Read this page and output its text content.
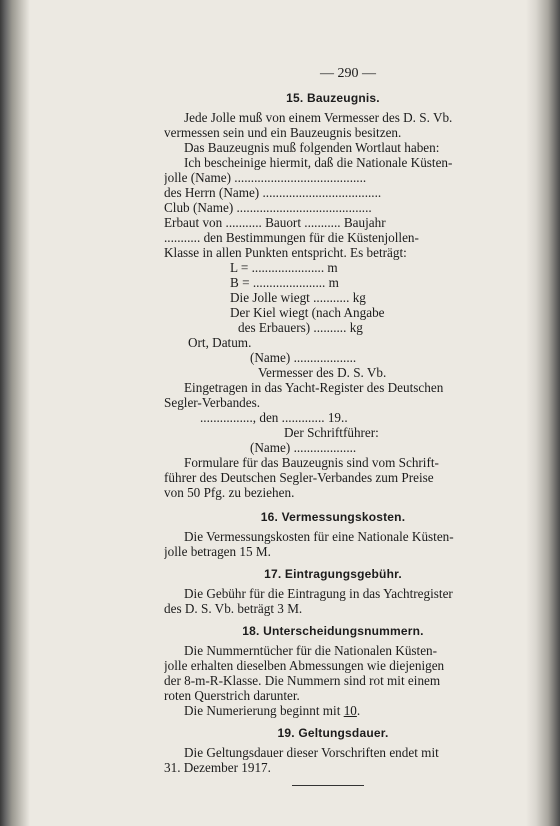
— 290 —
15. Bauzeugnis.
Jede Jolle muß von einem Vermesser des D. S. Vb.
vermessen sein und ein Bauzeugnis besitzen.
Das Bauzeugnis muß folgenden Wortlaut haben:
Ich bescheinige hiermit, daß die Nationale Küsten-
jolle (Name) ........................................
des Herrn (Name) ....................................
Club (Name) .........................................
Erbaut von ........... Bauort ........... Baujahr
........... den Bestimmungen für die Küstenjollen-
Klasse in allen Punkten entspricht. Es beträgt:
L = ...................... m
B = ...................... m
Die Jolle wiegt ........... kg
Der Kiel wiegt (nach Angabe
des Erbauers) .......... kg
Ort, Datum.
(Name) ...................
Vermesser des D. S. Vb.
Eingetragen in das Yacht-Register des Deutschen
Segler-Verbandes.
................, den ............. 19..
Der Schriftführer:
(Name) ...................
Formulare für das Bauzeugnis sind vom Schrift-
führer des Deutschen Segler-Verbandes zum Preise
von 50 Pfg. zu beziehen.
16. Vermessungskosten.
Die Vermessungskosten für eine Nationale Küsten-
jolle betragen 15 M.
17. Eintragungsgebühr.
Die Gebühr für die Eintragung in das Yachtregister
des D. S. Vb. beträgt 3 M.
18. Unterscheidungsnummern.
Die Nummerntücher für die Nationalen Küsten-
jolle erhalten dieselben Abmessungen wie diejenigen
der 8-m-R-Klasse. Die Nummern sind rot mit einem
roten Querstrich darunter.
Die Numerierung beginnt mit 10.
19. Geltungsdauer.
Die Geltungsdauer dieser Vorschriften endet mit
31. Dezember 1917.
